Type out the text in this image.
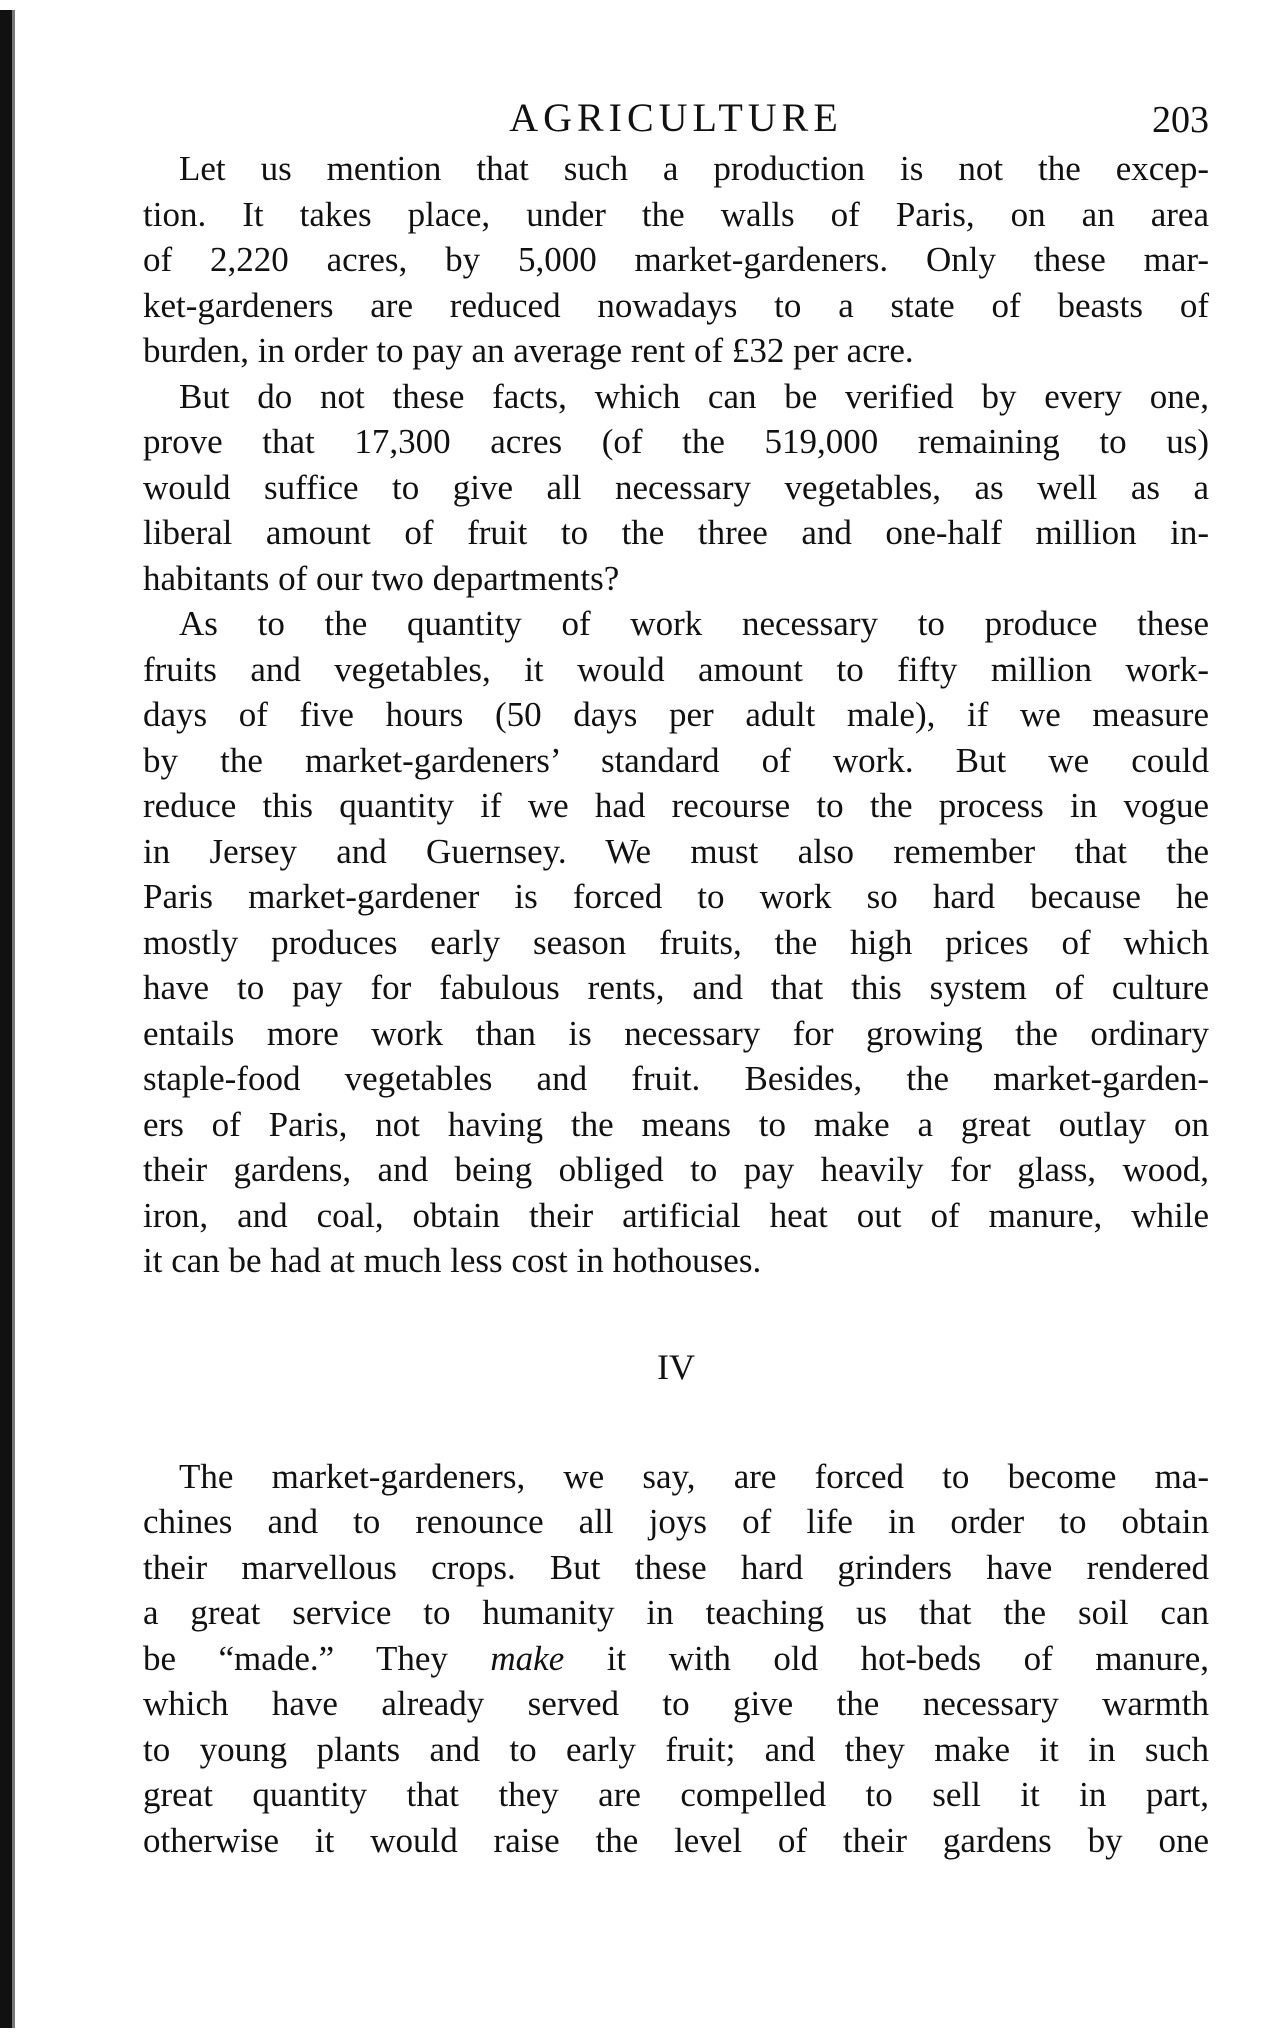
AGRICULTURE	203
Let us mention that such a production is not the excep-
tion. It takes place, under the walls of Paris, on an area
of 2,220 acres, by 5,000 market-gardeners. Only these mar-
ket-gardeners are reduced nowadays to a state of beasts of
burden, in order to pay an average rent of £32 per acre.
But do not these facts, which can be verified by every one,
prove that 17,300 acres (of the 519,000 remaining to us)
would suffice to give all necessary vegetables, as well as a
liberal amount of fruit to the three and one-half million in-
habitants of our two departments?
As to the quantity of work necessary to produce these
fruits and vegetables, it would amount to fifty million work-
days of five hours (50 days per adult male), if we measure
by the market-gardeners’ standard of work. But we could
reduce this quantity if we had recourse to the process in vogue
in Jersey and Guernsey. We must also remember that the
Paris market-gardener is forced to work so hard because he
mostly produces early season fruits, the high prices of which
have to pay for fabulous rents, and that this system of culture
entails more work than is necessary for growing the ordinary
staple-food vegetables and fruit. Besides, the market-garden-
ers of Paris, not having the means to make a great outlay on
their gardens, and being obliged to pay heavily for glass, wood,
iron, and coal, obtain their artificial heat out of manure, while
it can be had at much less cost in hothouses.
IV
The market-gardeners, we say, are forced to become ma-
chines and to renounce all joys of life in order to obtain
their marvellous crops. But these hard grinders have rendered
a great service to humanity in teaching us that the soil can
be “made.” They make it with old hot-beds of manure,
which have already served to give the necessary warmth
to young plants and to early fruit; and they make it in such
great quantity that they are compelled to sell it in part,
otherwise it would raise the level of their gardens by one
